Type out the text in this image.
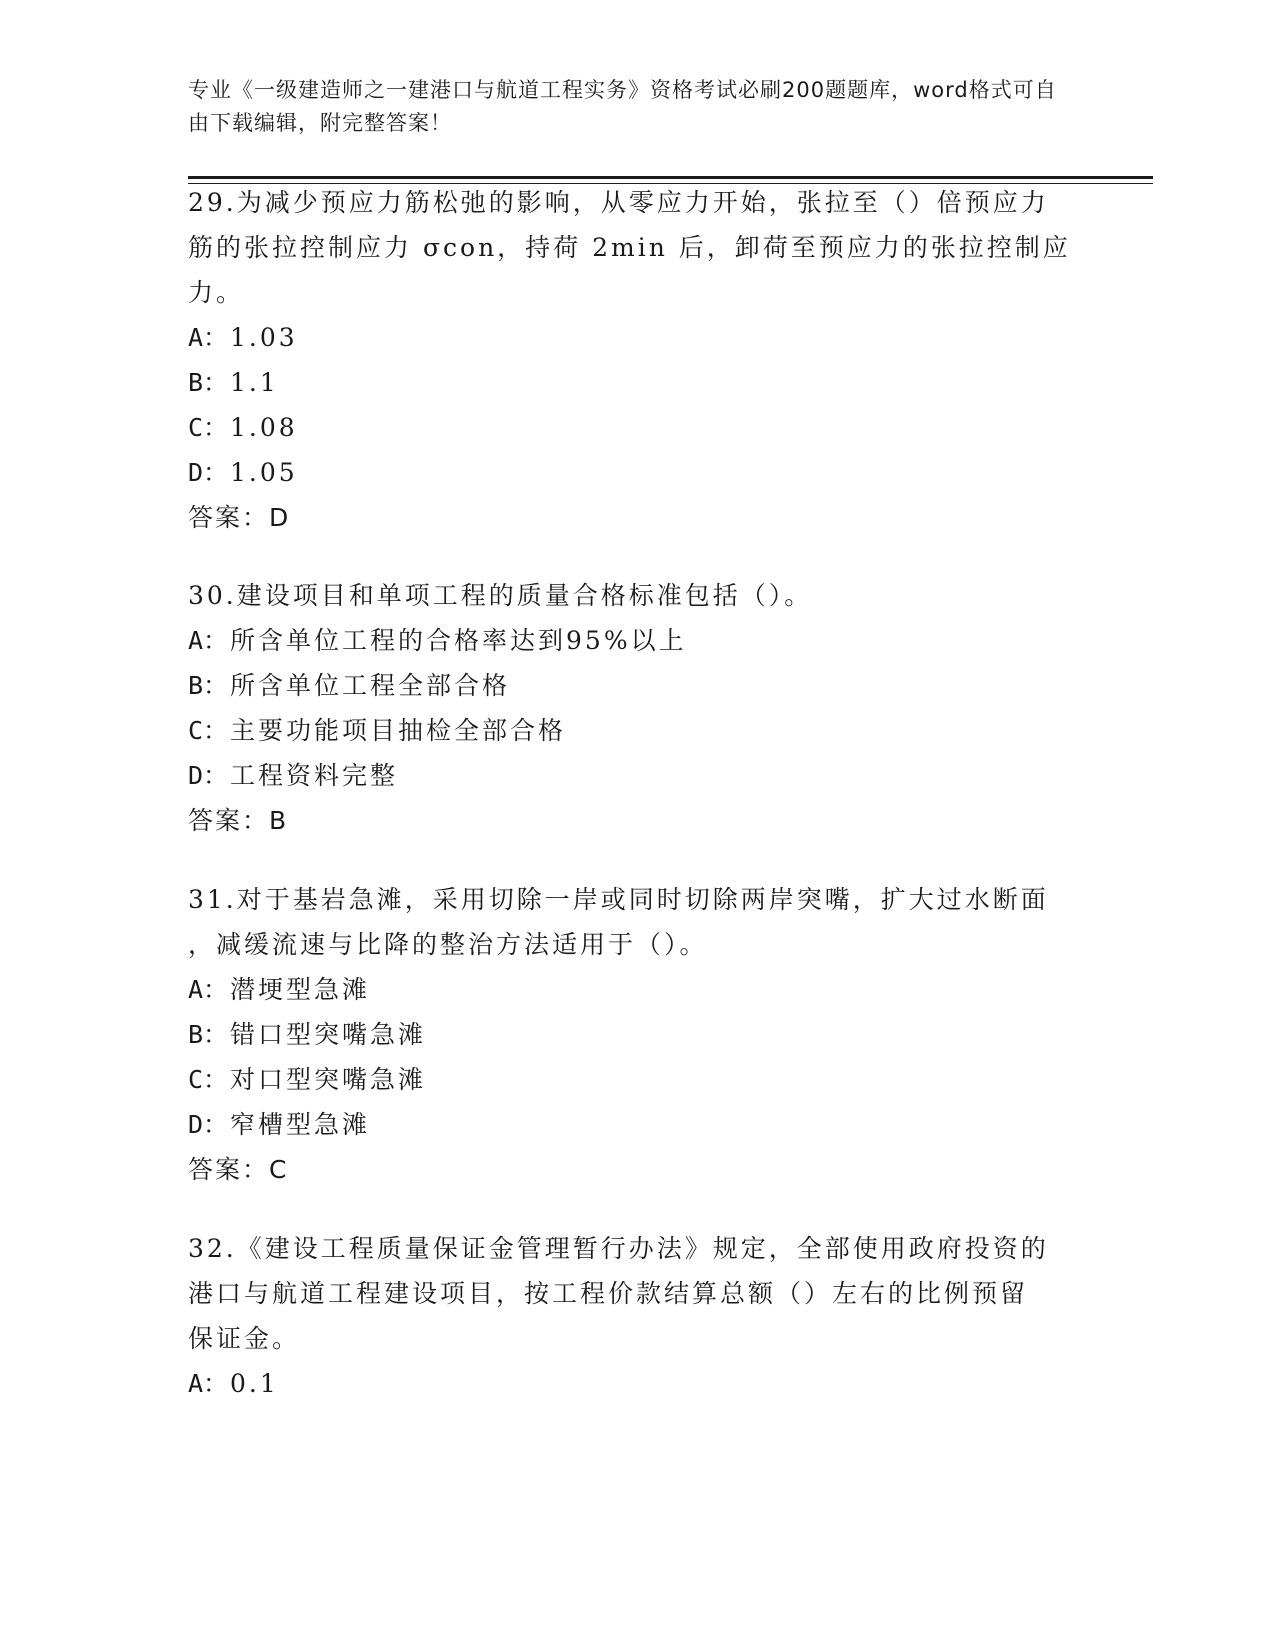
专业《一级建造师之一建港口与航道工程实务》资格考试必刷200题题库，word格式可自由下载编辑，附完整答案！
29.为减少预应力筋松弛的影响，从零应力开始，张拉至（）倍预应力
筋的张拉控制应力 σcon，持荷 2min 后，卸荷至预应力的张拉控制应
力。
A： 1.03
B： 1.1
C： 1.08
D： 1.05
答案：D
30.建设项目和单项工程的质量合格标准包括（）。
A： 所含单位工程的合格率达到95%以上
B： 所含单位工程全部合格
C： 主要功能项目抽检全部合格
D： 工程资料完整
答案：B
31.对于基岩急滩，采用切除一岸或同时切除两岸突嘴，扩大过水断面
，减缓流速与比降的整治方法适用于（）。
A： 潜埂型急滩
B： 错口型突嘴急滩
C： 对口型突嘴急滩
D： 窄槽型急滩
答案：C
32.《建设工程质量保证金管理暂行办法》规定，全部使用政府投资的
港口与航道工程建设项目，按工程价款结算总额（）左右的比例预留
保证金。
A： 0.1
